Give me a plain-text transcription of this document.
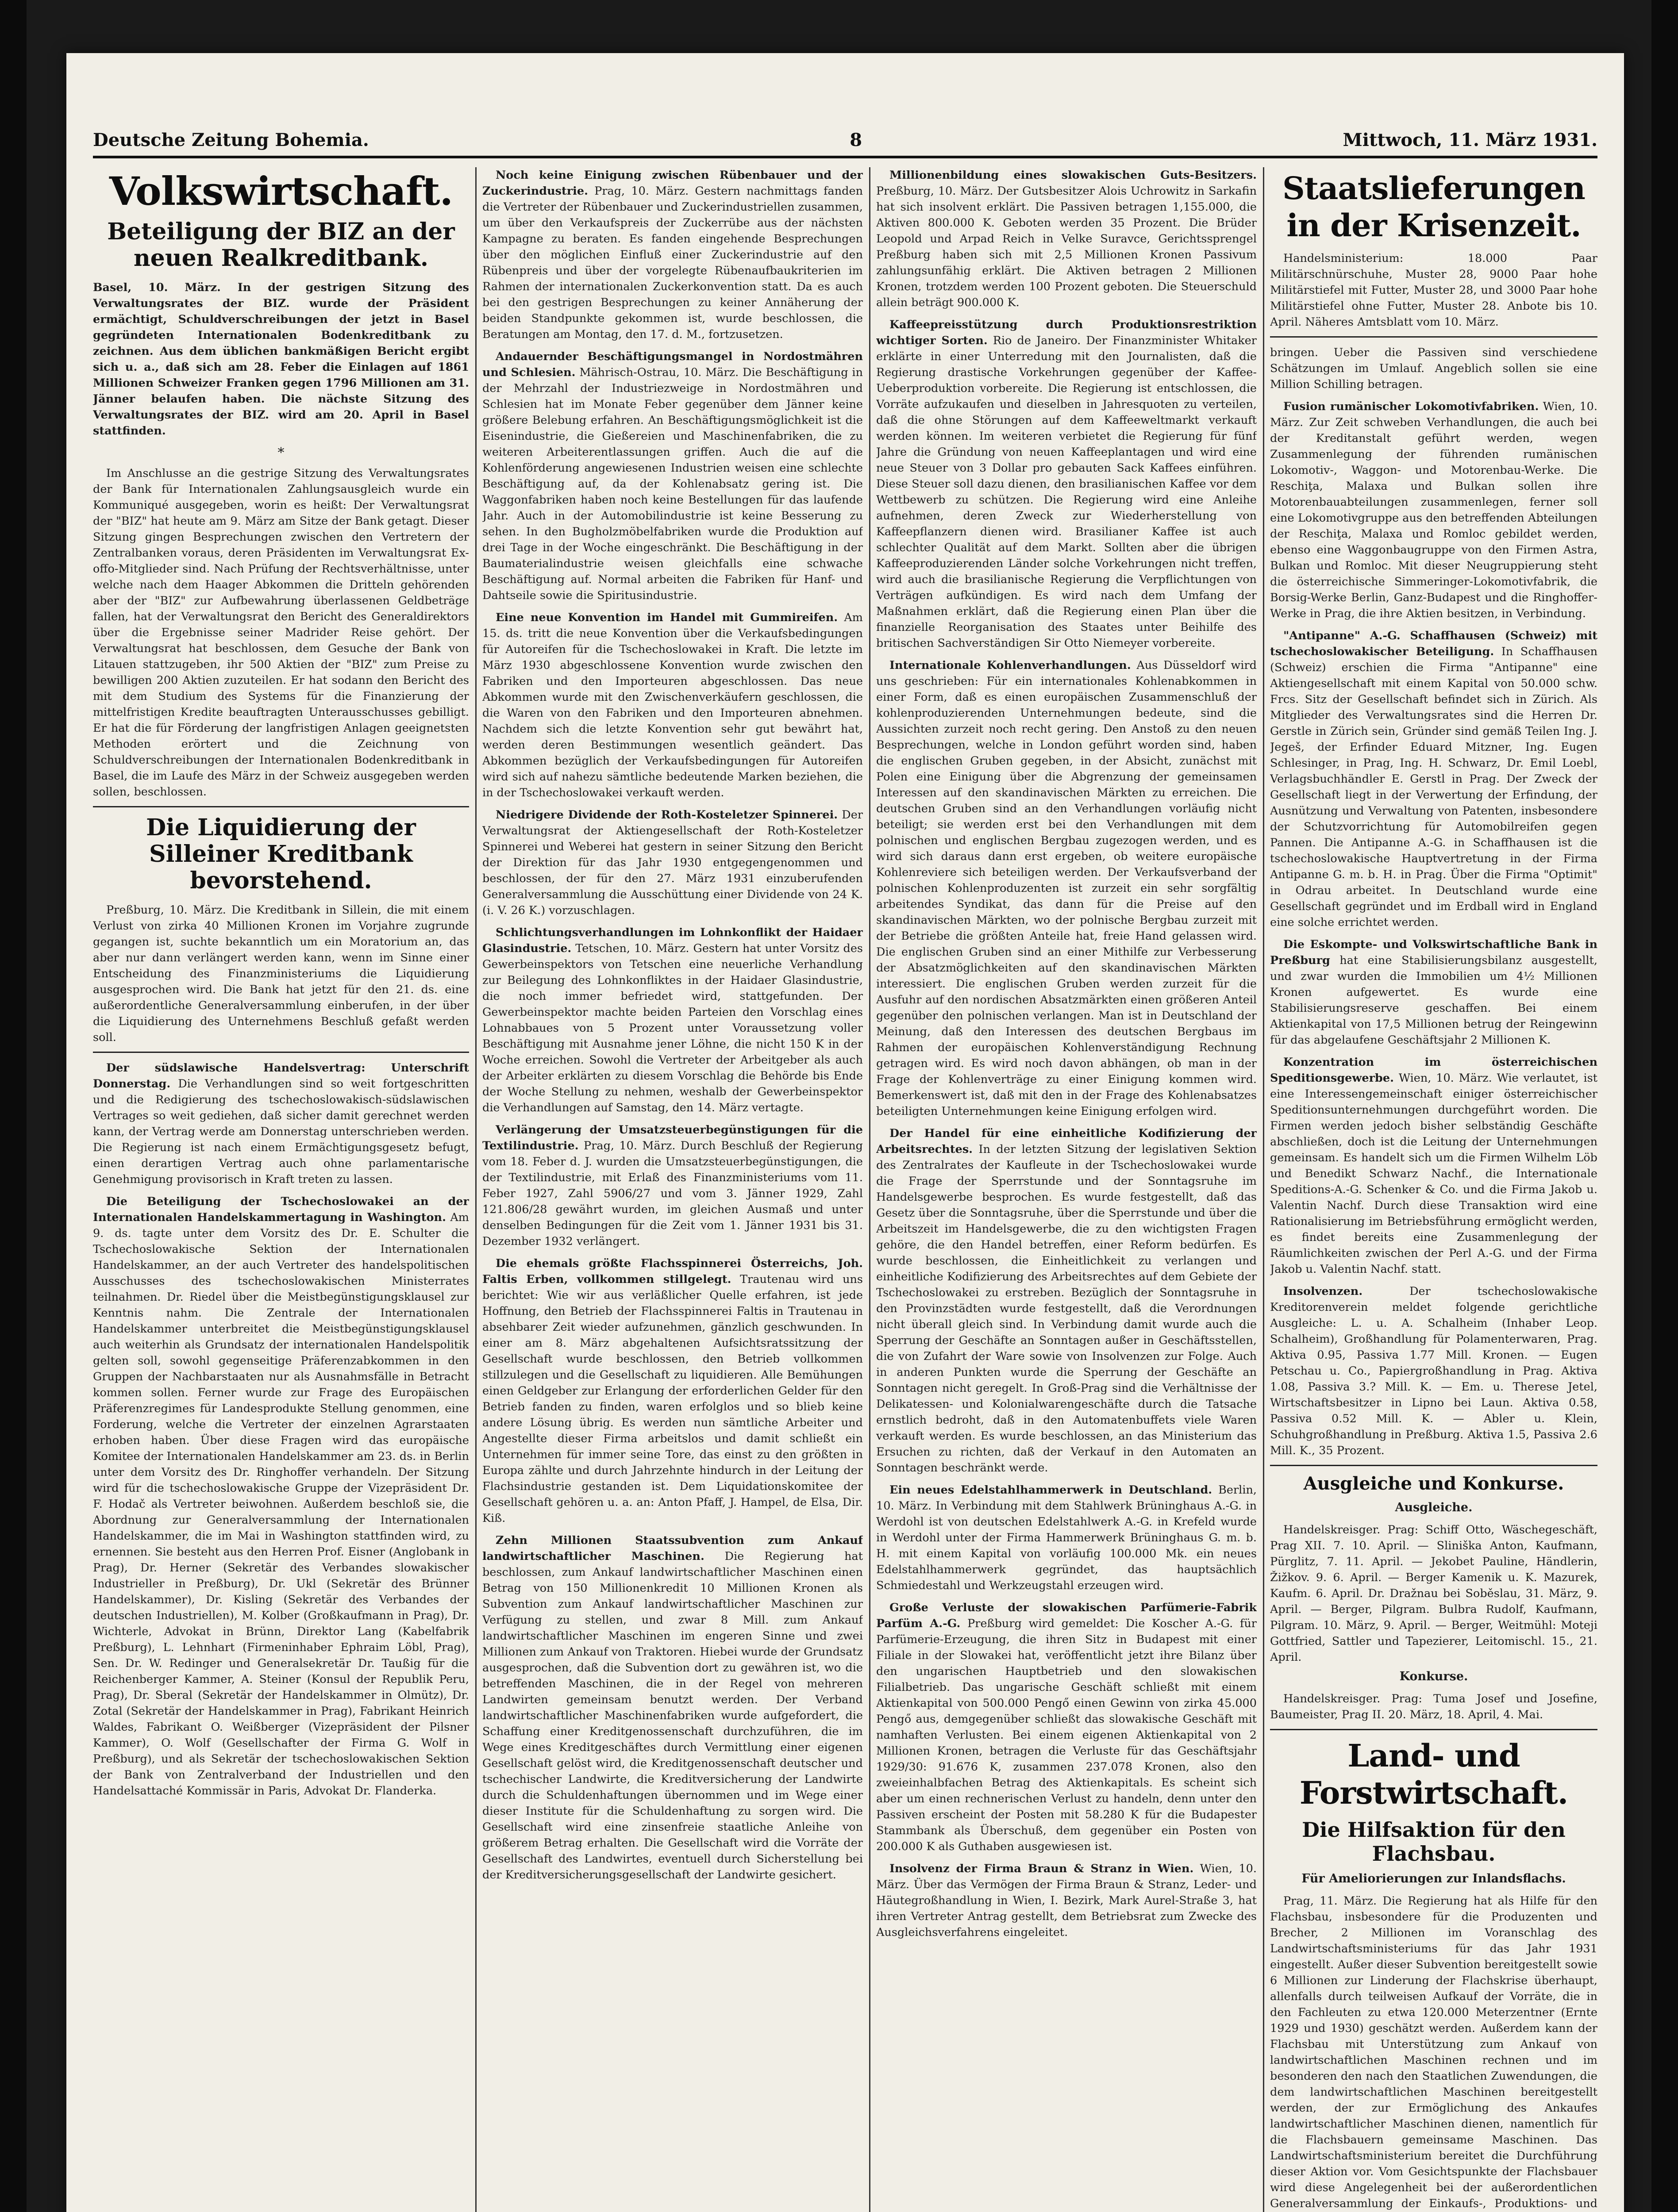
Deutsche Zeitung Bohemia.	8	Mittwoch, 11. März 1931.
Volkswirtschaft.
Beteiligung der BIZ an der neuen Realkreditbank.
Basel, 10. März. In der gestrigen Sitzung des Verwaltungsrates der BIZ. wurde der Präsident ermächtigt, Schuldverschreibungen der jetzt in Basel gegründeten Internationalen Bodenkreditbank zu zeichnen. Aus dem üblichen bankmäßigen Bericht ergibt sich u. a., daß sich am 28. Feber die Einlagen auf 1861 Millionen Schweizer Franken gegen 1796 Millionen am 31. Jänner belaufen haben. Die nächste Sitzung des Verwaltungsrates der BIZ. wird am 20. April in Basel stattfinden.
*
Im Anschlusse an die gestrige Sitzung des Verwaltungsrates der Bank für Internationalen Zahlungsausgleich wurde ein Kommuniqué ausgegeben, worin es heißt: Der Verwaltungsrat der "BIZ" hat heute am 9. März am Sitze der Bank getagt. Dieser Sitzung gingen Besprechungen zwischen den Vertretern der Zentralbanken voraus, deren Präsidenten im Verwaltungsrat Ex-offo-Mitglieder sind. Nach Prüfung der Rechtsverhältnisse, unter welche nach dem Haager Abkommen die Dritteln gehörenden aber der "BIZ" zur Aufbewahrung überlassenen Geldbeträge fallen, hat der Verwaltungsrat den Bericht des Generaldirektors über die Ergebnisse seiner Madrider Reise gehört. Der Verwaltungsrat hat beschlossen, dem Gesuche der Bank von Litauen stattzugeben, ihr 500 Aktien der "BIZ" zum Preise zu bewilligen 200 Aktien zuzuteilen. Er hat sodann den Bericht des mit dem Studium des Systems für die Finanzierung der mittelfristigen Kredite beauftragten Unterausschusses gebilligt. Er hat die für Förderung der langfristigen Anlagen geeignetsten Methoden erörtert und die Zeichnung von Schuldverschreibungen der Internationalen Bodenkreditbank in Basel, die im Laufe des März in der Schweiz ausgegeben werden sollen, beschlossen.
Die Liquidierung der Silleiner Kreditbank bevorstehend.
Preßburg, 10. März. Die Kreditbank in Sillein, die mit einem Verlust von zirka 40 Millionen Kronen im Vorjahre zugrunde gegangen ist, suchte bekanntlich um ein Moratorium an, das aber nur dann verlängert werden kann, wenn im Sinne einer Entscheidung des Finanzministeriums die Liquidierung ausgesprochen wird. Die Bank hat jetzt für den 21. ds. eine außerordentliche Generalversammlung einberufen, in der über die Liquidierung des Unternehmens Beschluß gefaßt werden soll.
Der südslawische Handelsvertrag: Unterschrift Donnerstag. Die Verhandlungen sind so weit fortgeschritten und die Redigierung des tschechoslowakisch-südslawischen Vertrages so weit gediehen, daß sicher damit gerechnet werden kann, der Vertrag werde am Donnerstag unterschrieben werden. Die Regierung ist nach einem Ermächtigungsgesetz befugt, einen derartigen Vertrag auch ohne parlamentarische Genehmigung provisorisch in Kraft treten zu lassen.
Die Beteiligung der Tschechoslowakei an der Internationalen Handelskammertagung in Washington. Am 9. ds. tagte unter dem Vorsitz des Dr. E. Schulter die Tschechoslowakische Sektion der Internationalen Handelskammer, an der auch Vertreter des handelspolitischen Ausschusses des tschechoslowakischen Ministerrates teilnahmen. Dr. Riedel über die Meistbegünstigungsklausel zur Kenntnis nahm. Die Zentrale der Internationalen Handelskammer unterbreitet die Meistbegünstigungsklausel auch weiterhin als Grundsatz der internationalen Handelspolitik gelten soll, sowohl gegenseitige Präferenzabkommen in den Gruppen der Nachbarstaaten nur als Ausnahmsfälle in Betracht kommen sollen. Ferner wurde zur Frage des Europäischen Präferenzregimes für Landesprodukte Stellung genommen, eine Forderung, welche die Vertreter der einzelnen Agrarstaaten erhoben haben. Über diese Fragen wird das europäische Komitee der Internationalen Handelskammer am 23. ds. in Berlin unter dem Vorsitz des Dr. Ringhoffer verhandeln. Der Sitzung wird für die tschechoslowakische Gruppe der Vizepräsident Dr. F. Hodač als Vertreter beiwohnen. Außerdem beschloß sie, die Abordnung zur Generalversammlung der Internationalen Handelskammer, die im Mai in Washington stattfinden wird, zu ernennen. Sie besteht aus den Herren Prof. Eisner (Anglobank in Prag), Dr. Herner (Sekretär des Verbandes slowakischer Industrieller in Preßburg), Dr. Ukl (Sekretär des Brünner Handelskammer), Dr. Kisling (Sekretär des Verbandes der deutschen Industriellen), M. Kolber (Großkaufmann in Prag), Dr. Wichterle, Advokat in Brünn, Direktor Lang (Kabelfabrik Preßburg), L. Lehnhart (Firmeninhaber Ephraim Löbl, Prag), Sen. Dr. W. Redinger und Generalsekretär Dr. Taußig für die Reichenberger Kammer, A. Steiner (Konsul der Republik Peru, Prag), Dr. Sberal (Sekretär der Handelskammer in Olmütz), Dr. Zotal (Sekretär der Handelskammer in Prag), Fabrikant Heinrich Waldes, Fabrikant O. Weißberger (Vizepräsident der Pilsner Kammer), O. Wolf (Gesellschafter der Firma G. Wolf in Preßburg), und als Sekretär der tschechoslowakischen Sektion der Bank von Zentralverband der Industriellen und den Handelsattaché Kommissär in Paris, Advokat Dr. Flanderka.
Noch keine Einigung zwischen Rübenbauer und der Zuckerindustrie. Prag, 10. März. Gestern nachmittags fanden die Vertreter der Rübenbauer und Zuckerindustriellen zusammen, um über den Verkaufspreis der Zuckerrübe aus der nächsten Kampagne zu beraten. Es fanden eingehende Besprechungen über den möglichen Einfluß einer Zuckerindustrie auf den Rübenpreis und über der vorgelegte Rübenaufbaukriterien im Rahmen der internationalen Zuckerkonvention statt. Da es auch bei den gestrigen Besprechungen zu keiner Annäherung der beiden Standpunkte gekommen ist, wurde beschlossen, die Beratungen am Montag, den 17. d. M., fortzusetzen.
Andauernder Beschäftigungsmangel in Nordostmähren und Schlesien. Mährisch-Ostrau, 10. März. Die Beschäftigung in der Mehrzahl der Industriezweige in Nordostmähren und Schlesien hat im Monate Feber gegenüber dem Jänner keine größere Belebung erfahren. An Beschäftigungsmöglichkeit ist die Eisenindustrie, die Gießereien und Maschinenfabriken, die zu weiteren Arbeiterentlassungen griffen. Auch die auf die Kohlenförderung angewiesenen Industrien weisen eine schlechte Beschäftigung auf, da der Kohlenabsatz gering ist. Die Waggonfabriken haben noch keine Bestellungen für das laufende Jahr. Auch in der Automobilindustrie ist keine Besserung zu sehen. In den Bugholzmöbelfabriken wurde die Produktion auf drei Tage in der Woche eingeschränkt. Die Beschäftigung in der Baumaterialindustrie weisen gleichfalls eine schwache Beschäftigung auf. Normal arbeiten die Fabriken für Hanf- und Dahtseile sowie die Spiritusindustrie.
Eine neue Konvention im Handel mit Gummireifen. Am 15. ds. tritt die neue Konvention über die Verkaufsbedingungen für Autoreifen für die Tschechoslowakei in Kraft. Die letzte im März 1930 abgeschlossene Konvention wurde zwischen den Fabriken und den Importeuren abgeschlossen. Das neue Abkommen wurde mit den Zwischenverkäufern geschlossen, die die Waren von den Fabriken und den Importeuren abnehmen. Nachdem sich die letzte Konvention sehr gut bewährt hat, werden deren Bestimmungen wesentlich geändert. Das Abkommen bezüglich der Verkaufsbedingungen für Autoreifen wird sich auf nahezu sämtliche bedeutende Marken beziehen, die in der Tschechoslowakei verkauft werden.
Niedrigere Dividende der Roth-Kosteletzer Spinnerei. Der Verwaltungsrat der Aktiengesellschaft der Roth-Kosteletzer Spinnerei und Weberei hat gestern in seiner Sitzung den Bericht der Direktion für das Jahr 1930 entgegengenommen und beschlossen, der für den 27. März 1931 einzuberufenden Generalversammlung die Ausschüttung einer Dividende von 24 K. (i. V. 26 K.) vorzuschlagen.
Schlichtungsverhandlungen im Lohnkonflikt der Haidaer Glasindustrie. Tetschen, 10. März. Gestern hat unter Vorsitz des Gewerbeinspektors von Tetschen eine neuerliche Verhandlung zur Beilegung des Lohnkonfliktes in der Haidaer Glasindustrie, die noch immer befriedet wird, stattgefunden. Der Gewerbeinspektor machte beiden Parteien den Vorschlag eines Lohnabbaues von 5 Prozent unter Voraussetzung voller Beschäftigung mit Ausnahme jener Löhne, die nicht 150 K in der Woche erreichen. Sowohl die Vertreter der Arbeitgeber als auch der Arbeiter erklärten zu diesem Vorschlag die Behörde bis Ende der Woche Stellung zu nehmen, weshalb der Gewerbeinspektor die Verhandlungen auf Samstag, den 14. März vertagte.
Verlängerung der Umsatzsteuerbegünstigungen für die Textilindustrie. Prag, 10. März. Durch Beschluß der Regierung vom 18. Feber d. J. wurden die Umsatzsteuerbegünstigungen, die der Textilindustrie, mit Erlaß des Finanzministeriums vom 11. Feber 1927, Zahl 5906/27 und vom 3. Jänner 1929, Zahl 121.806/28 gewährt wurden, im gleichen Ausmaß und unter denselben Bedingungen für die Zeit vom 1. Jänner 1931 bis 31. Dezember 1932 verlängert.
Die ehemals größte Flachsspinnerei Österreichs, Joh. Faltis Erben, vollkommen stillgelegt. Trautenau wird uns berichtet: Wie wir aus verläßlicher Quelle erfahren, ist jede Hoffnung, den Betrieb der Flachsspinnerei Faltis in Trautenau in absehbarer Zeit wieder aufzunehmen, gänzlich geschwunden. In einer am 8. März abgehaltenen Aufsichtsratssitzung der Gesellschaft wurde beschlossen, den Betrieb vollkommen stillzulegen und die Gesellschaft zu liquidieren. Alle Bemühungen einen Geldgeber zur Erlangung der erforderlichen Gelder für den Betrieb fanden zu finden, waren erfolglos und so blieb keine andere Lösung übrig. Es werden nun sämtliche Arbeiter und Angestellte dieser Firma arbeitslos und damit schließt ein Unternehmen für immer seine Tore, das einst zu den größten in Europa zählte und durch Jahrzehnte hindurch in der Leitung der Flachsindustrie gestanden ist. Dem Liquidationskomitee der Gesellschaft gehören u. a. an: Anton Pfaff, J. Hampel, de Elsa, Dir. Kiß.
Zehn Millionen Staatssubvention zum Ankauf landwirtschaftlicher Maschinen. Die Regierung hat beschlossen, zum Ankauf landwirtschaftlicher Maschinen einen Betrag von 150 Millionenkredit 10 Millionen Kronen als Subvention zum Ankauf landwirtschaftlicher Maschinen zur Verfügung zu stellen, und zwar 8 Mill. zum Ankauf landwirtschaftlicher Maschinen im engeren Sinne und zwei Millionen zum Ankauf von Traktoren. Hiebei wurde der Grundsatz ausgesprochen, daß die Subvention dort zu gewähren ist, wo die betreffenden Maschinen, die in der Regel von mehreren Landwirten gemeinsam benutzt werden. Der Verband landwirtschaftlicher Maschinenfabriken wurde aufgefordert, die Schaffung einer Kreditgenossenschaft durchzuführen, die im Wege eines Kreditgeschäftes durch Vermittlung einer eigenen Gesellschaft gelöst wird, die Kreditgenossenschaft deutscher und tschechischer Landwirte, die Kreditversicherung der Landwirte durch die Schuldenhaftungen übernommen und im Wege einer dieser Institute für die Schuldenhaftung zu sorgen wird. Die Gesellschaft wird eine zinsenfreie staatliche Anleihe von größerem Betrag erhalten. Die Gesellschaft wird die Vorräte der Gesellschaft des Landwirtes, eventuell durch Sicherstellung bei der Kreditversicherungsgesellschaft der Landwirte gesichert.
Millionenbildung eines slowakischen Guts-Besitzers. Preßburg, 10. März. Der Gutsbesitzer Alois Uchrowitz in Sarkafin hat sich insolvent erklärt. Die Passiven betragen 1,155.000, die Aktiven 800.000 K. Geboten werden 35 Prozent. Die Brüder Leopold und Arpad Reich in Velke Suravce, Gerichtssprengel Preßburg haben sich mit 2,5 Millionen Kronen Passivum zahlungsunfähig erklärt. Die Aktiven betragen 2 Millionen Kronen, trotzdem werden 100 Prozent geboten. Die Steuerschuld allein beträgt 900.000 K.
Kaffeepreisstützung durch Produktionsrestriktion wichtiger Sorten. Rio de Janeiro. Der Finanzminister Whitaker erklärte in einer Unterredung mit den Journalisten, daß die Regierung drastische Vorkehrungen gegenüber der Kaffee-Ueberproduktion vorbereite. Die Regierung ist entschlossen, die Vorräte aufzukaufen und dieselben in Jahresquoten zu verteilen, daß die ohne Störungen auf dem Kaffeeweltmarkt verkauft werden können. Im weiteren verbietet die Regierung für fünf Jahre die Gründung von neuen Kaffeeplantagen und wird eine neue Steuer von 3 Dollar pro gebauten Sack Kaffees einführen. Diese Steuer soll dazu dienen, den brasilianischen Kaffee vor dem Wettbewerb zu schützen. Die Regierung wird eine Anleihe aufnehmen, deren Zweck zur Wiederherstellung von Kaffeepflanzern dienen wird. Brasilianer Kaffee ist auch schlechter Qualität auf dem Markt. Sollten aber die übrigen Kaffeeproduzierenden Länder solche Vorkehrungen nicht treffen, wird auch die brasilianische Regierung die Verpflichtungen von Verträgen aufkündigen. Es wird nach dem Umfang der Maßnahmen erklärt, daß die Regierung einen Plan über die finanzielle Reorganisation des Staates unter Beihilfe des britischen Sachverständigen Sir Otto Niemeyer vorbereite.
Internationale Kohlenverhandlungen. Aus Düsseldorf wird uns geschrieben: Für ein internationales Kohlenabkommen in einer Form, daß es einen europäischen Zusammenschluß der kohlenproduzierenden Unternehmungen bedeute, sind die Aussichten zurzeit noch recht gering. Den Anstoß zu den neuen Besprechungen, welche in London geführt worden sind, haben die englischen Gruben gegeben, in der Absicht, zunächst mit Polen eine Einigung über die Abgrenzung der gemeinsamen Interessen auf den skandinavischen Märkten zu erreichen. Die deutschen Gruben sind an den Verhandlungen vorläufig nicht beteiligt; sie werden erst bei den Verhandlungen mit dem polnischen und englischen Bergbau zugezogen werden, und es wird sich daraus dann erst ergeben, ob weitere europäische Kohlenreviere sich beteiligen werden. Der Verkaufsverband der polnischen Kohlenproduzenten ist zurzeit ein sehr sorgfältig arbeitendes Syndikat, das dann für die Preise auf den skandinavischen Märkten, wo der polnische Bergbau zurzeit mit der Betriebe die größten Anteile hat, freie Hand gelassen wird. Die englischen Gruben sind an einer Mithilfe zur Verbesserung der Absatzmöglichkeiten auf den skandinavischen Märkten interessiert. Die englischen Gruben werden zurzeit für die Ausfuhr auf den nordischen Absatzmärkten einen größeren Anteil gegenüber den polnischen verlangen. Man ist in Deutschland der Meinung, daß den Interessen des deutschen Bergbaus im Rahmen der europäischen Kohlenverständigung Rechnung getragen wird. Es wird noch davon abhängen, ob man in der Frage der Kohlenverträge zu einer Einigung kommen wird. Bemerkenswert ist, daß mit den in der Frage des Kohlenabsatzes beteiligten Unternehmungen keine Einigung erfolgen wird.
Der Handel für eine einheitliche Kodifizierung der Arbeitsrechtes. In der letzten Sitzung der legislativen Sektion des Zentralrates der Kaufleute in der Tschechoslowakei wurde die Frage der Sperrstunde und der Sonntagsruhe im Handelsgewerbe besprochen. Es wurde festgestellt, daß das Gesetz über die Sonntagsruhe, über die Sperrstunde und über die Arbeitszeit im Handelsgewerbe, die zu den wichtigsten Fragen gehöre, die den Handel betreffen, einer Reform bedürfen. Es wurde beschlossen, die Einheitlichkeit zu verlangen und einheitliche Kodifizierung des Arbeitsrechtes auf dem Gebiete der Tschechoslowakei zu erstreben. Bezüglich der Sonntagsruhe in den Provinzstädten wurde festgestellt, daß die Verordnungen nicht überall gleich sind. In Verbindung damit wurde auch die Sperrung der Geschäfte an Sonntagen außer in Geschäftsstellen, die von Zufahrt der Ware sowie von Insolvenzen zur Folge. Auch in anderen Punkten wurde die Sperrung der Geschäfte an Sonntagen nicht geregelt. In Groß-Prag sind die Verhältnisse der Delikatessen- und Kolonialwarengeschäfte durch die Tatsache ernstlich bedroht, daß in den Automatenbuffets viele Waren verkauft werden. Es wurde beschlossen, an das Ministerium das Ersuchen zu richten, daß der Verkauf in den Automaten an Sonntagen beschränkt werde.
Ein neues Edelstahlhammerwerk in Deutschland. Berlin, 10. März. In Verbindung mit dem Stahlwerk Brüninghaus A.-G. in Werdohl ist von deutschen Edelstahlwerk A.-G. in Krefeld wurde in Werdohl unter der Firma Hammerwerk Brüninghaus G. m. b. H. mit einem Kapital von vorläufig 100.000 Mk. ein neues Edelstahlhammerwerk gegründet, das hauptsächlich Schmiedestahl und Werkzeugstahl erzeugen wird.
Große Verluste der slowakischen Parfümerie-Fabrik Parfüm A.-G. Preßburg wird gemeldet: Die Koscher A.-G. für Parfümerie-Erzeugung, die ihren Sitz in Budapest mit einer Filiale in der Slowakei hat, veröffentlicht jetzt ihre Bilanz über den ungarischen Hauptbetrieb und den slowakischen Filialbetrieb. Das ungarische Geschäft schließt mit einem Aktienkapital von 500.000 Pengő einen Gewinn von zirka 45.000 Pengő aus, demgegenüber schließt das slowakische Geschäft mit namhaften Verlusten. Bei einem eigenen Aktienkapital von 2 Millionen Kronen, betragen die Verluste für das Geschäftsjahr 1929/30: 91.676 K, zusammen 237.078 Kronen, also den zweieinhalbfachen Betrag des Aktienkapitals. Es scheint sich aber um einen rechnerischen Verlust zu handeln, denn unter den Passiven erscheint der Posten mit 58.280 K für die Budapester Stammbank als Überschuß, dem gegenüber ein Posten von 200.000 K als Guthaben ausgewiesen ist.
Insolvenz der Firma Braun & Stranz in Wien. Wien, 10. März. Über das Vermögen der Firma Braun & Stranz, Leder- und Häutegroßhandlung in Wien, I. Bezirk, Mark Aurel-Straße 3, hat ihren Vertreter Antrag gestellt, dem Betriebsrat zum Zwecke des Ausgleichsverfahrens eingeleitet.
Staatslieferungen in der Krisenzeit.
Handelsministerium: 18.000 Paar Militärschnürschuhe, Muster 28, 9000 Paar hohe Militärstiefel mit Futter, Muster 28, und 3000 Paar hohe Militärstiefel ohne Futter, Muster 28. Anbote bis 10. April. Näheres Amtsblatt vom 10. März.
bringen. Ueber die Passiven sind verschiedene Schätzungen im Umlauf. Angeblich sollen sie eine Million Schilling betragen.
Fusion rumänischer Lokomotivfabriken. Wien, 10. März. Zur Zeit schweben Verhandlungen, die auch bei der Kreditanstalt geführt werden, wegen Zusammenlegung der führenden rumänischen Lokomotiv-, Waggon- und Motorenbau-Werke. Die Reschiţa, Malaxa und Bulkan sollen ihre Motorenbauabteilungen zusammenlegen, ferner soll eine Lokomotivgruppe aus den betreffenden Abteilungen der Reschiţa, Malaxa und Romloc gebildet werden, ebenso eine Waggonbaugruppe von den Firmen Astra, Bulkan und Romloc. Mit dieser Neugruppierung steht die österreichische Simmeringer-Lokomotivfabrik, die Borsig-Werke Berlin, Ganz-Budapest und die Ringhoffer-Werke in Prag, die ihre Aktien besitzen, in Verbindung.
"Antipanne" A.-G. Schaffhausen (Schweiz) mit tschechoslowakischer Beteiligung. In Schaffhausen (Schweiz) erschien die Firma "Antipanne" eine Aktiengesellschaft mit einem Kapital von 50.000 schw. Frcs. Sitz der Gesellschaft befindet sich in Zürich. Als Mitglieder des Verwaltungsrates sind die Herren Dr. Gerstle in Zürich sein, Gründer sind gemäß Teilen Ing. J. Jegeš, der Erfinder Eduard Mitzner, Ing. Eugen Schlesinger, in Prag, Ing. H. Schwarz, Dr. Emil Loebl, Verlagsbuchhändler E. Gerstl in Prag. Der Zweck der Gesellschaft liegt in der Verwertung der Erfindung, der Ausnützung und Verwaltung von Patenten, insbesondere der Schutzvorrichtung für Automobilreifen gegen Pannen. Die Antipanne A.-G. in Schaffhausen ist die tschechoslowakische Hauptvertretung in der Firma Antipanne G. m. b. H. in Prag. Über die Firma "Optimit" in Odrau arbeitet. In Deutschland wurde eine Gesellschaft gegründet und im Erdball wird in England eine solche errichtet werden.
Die Eskompte- und Volkswirtschaftliche Bank in Preßburg hat eine Stabilisierungsbilanz ausgestellt, und zwar wurden die Immobilien um 4½ Millionen Kronen aufgewertet. Es wurde eine Stabilisierungsreserve geschaffen. Bei einem Aktienkapital von 17,5 Millionen betrug der Reingewinn für das abgelaufene Geschäftsjahr 2 Millionen K.
Konzentration im österreichischen Speditionsgewerbe. Wien, 10. März. Wie verlautet, ist eine Interessengemeinschaft einiger österreichischer Speditionsunternehmungen durchgeführt worden. Die Firmen werden jedoch bisher selbständig Geschäfte abschließen, doch ist die Leitung der Unternehmungen gemeinsam. Es handelt sich um die Firmen Wilhelm Löb und Benedikt Schwarz Nachf., die Internationale Speditions-A.-G. Schenker & Co. und die Firma Jakob u. Valentin Nachf. Durch diese Transaktion wird eine Rationalisierung im Betriebsführung ermöglicht werden, es findet bereits eine Zusammenlegung der Räumlichkeiten zwischen der Perl A.-G. und der Firma Jakob u. Valentin Nachf. statt.
Insolvenzen.	Der tschechoslowakische Kreditorenverein meldet folgende gerichtliche Ausgleiche: L. u. A. Schalheim (Inhaber Leop. Schalheim), Großhandlung für Polamenterwaren, Prag. Aktiva 0.95, Passiva 1.77 Mill. Kronen. — Eugen Petschau u. Co., Papiergroßhandlung in Prag. Aktiva 1.08, Passiva 3.? Mill. K. — Em. u. Therese Jetel, Wirtschaftsbesitzer in Lipno bei Laun. Aktiva 0.58, Passiva 0.52 Mill. K. — Abler u. Klein, Schuhgroßhandlung in Preßburg. Aktiva 1.5, Passiva 2.6 Mill. K., 35 Prozent.
Ausgleiche und Konkurse.
Ausgleiche.
Handelskreisger. Prag: Schiff Otto, Wäschegeschäft, Prag XII. 7. 10. April. — Sliniška Anton, Kaufmann, Pürglitz, 7. 11. April. — Jekobet Pauline, Händlerin, Žižkov. 9. 6. April. — Berger Kamenik u. K. Mazurek, Kaufm. 6. April. Dr. Dražnau bei Soběslau, 31. März, 9. April. — Berger, Pilgram. Bulbra Rudolf, Kaufmann, Pilgram. 10. März, 9. April. — Berger, Weitmühl: Moteji Gottfried, Sattler und Tapezierer, Leitomischl. 15., 21. April.
Konkurse.
Handelskreisger. Prag: Tuma Josef und Josefine, Baumeister, Prag II. 20. März, 18. April, 4. Mai.
Land- und Forstwirtschaft.
Die Hilfsaktion für den Flachsbau.
Für Ameliorierungen zur Inlandsflachs.
Prag, 11. März. Die Regierung hat als Hilfe für den Flachsbau, insbesondere für die Produzenten und Brecher, 2 Millionen im Voranschlag des Landwirtschaftsministeriums für das Jahr 1931 eingestellt. Außer dieser Subvention bereitgestellt sowie 6 Millionen zur Linderung der Flachskrise überhaupt, allenfalls durch teilweisen Aufkauf der Vorräte, die in den Fachleuten zu etwa 120.000 Meterzentner (Ernte 1929 und 1930) geschätzt werden. Außerdem kann der Flachsbau mit Unterstützung zum Ankauf von landwirtschaftlichen Maschinen rechnen und im besonderen den nach den Staatlichen Zuwendungen, die dem landwirtschaftlichen Maschinen bereitgestellt werden, der zur Ermöglichung des Ankaufes landwirtschaftlicher Maschinen dienen, namentlich für die Flachsbauern gemeinsame Maschinen. Das Landwirtschaftsministerium bereitet die Durchführung dieser Aktion vor. Vom Gesichtspunkte der Flachsbauer wird diese Angelegenheit bei der außerordentlichen Generalversammlung der Einkaufs-, Produktions- und
